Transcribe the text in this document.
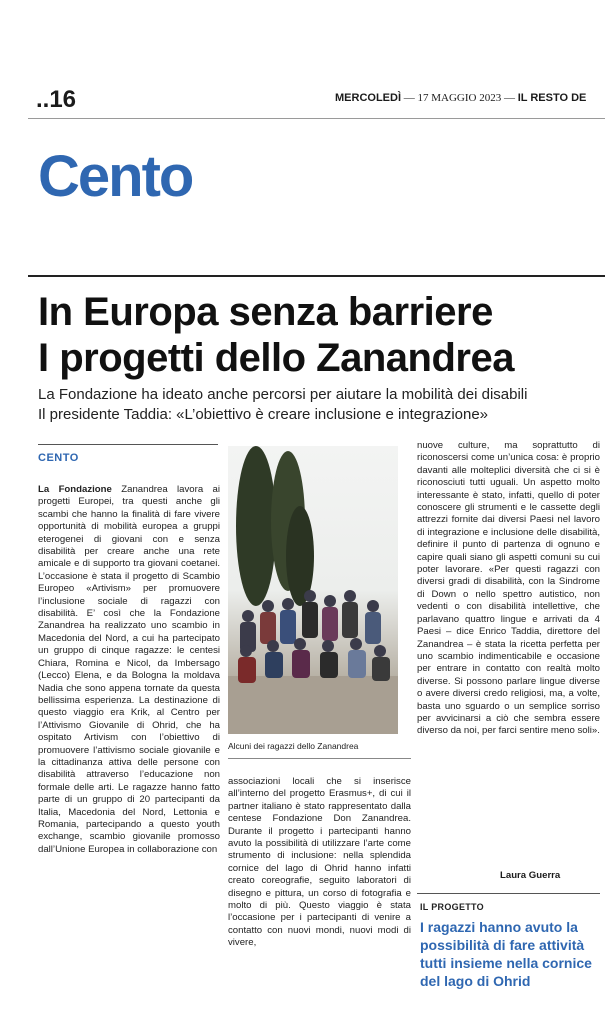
..16	MERCOLEDÌ — 17 MAGGIO 2023 — IL RESTO DE
Cento
In Europa senza barriere
I progetti dello Zanandrea
La Fondazione ha ideato anche percorsi per aiutare la mobilità dei disabili
Il presidente Taddia: «L’obiettivo è creare inclusione e integrazione»
CENTO

La Fondazione Zanandrea lavora ai progetti Europei, tra questi anche gli scambi che hanno la finalità di fare vivere opportunità di mobilità europea a gruppi eterogenei di giovani con e senza disabilità per creare anche una rete amicale e di supporto tra giovani coetanei. L’occasione è stata il progetto di Scambio Europeo «Artivism» per promuovere l’inclusione sociale di ragazzi con disabilità. E’ così che la Fondazione Zanandrea ha realizzato uno scambio in Macedonia del Nord, a cui ha partecipato un gruppo di cinque ragazze: le centesi Chiara, Romina e Nicol, da Imbersago (Lecco) Elena, e da Bologna la moldava Nadia che sono appena tornate da questa bellissima esperienza. La destinazione di questo viaggio era Krik, al Centro per l’Attivismo Giovanile di Ohrid, che ha ospitato Artivism con l’obiettivo di promuovere l’attivismo sociale giovanile e la cittadinanza attiva delle persone con disabilità attraverso l’educazione non formale delle arti. Le ragazze hanno fatto parte di un gruppo di 20 partecipanti da Italia, Macedonia del Nord, Lettonia e Romania, partecipando a questo youth exchange, scambio giovanile promosso dall’Unione Europea in collaborazione con

Alcuni dei ragazzi dello Zanandrea

associazioni locali che si inserisce all’interno del progetto Erasmus+, di cui il partner italiano è stato rappresentato dalla centese Fondazione Don Zanandrea. Durante il progetto i partecipanti hanno avuto la possibilità di utilizzare l’arte come strumento di inclusione: nella splendida cornice del lago di Ohrid hanno infatti creato coreografie, seguito laboratori di disegno e pittura, un corso di fotografia e molto di più. Questo viaggio è stata l’occasione per i partecipanti di venire a contatto con nuovi mondi, nuovi modi di vivere,

nuove culture, ma soprattutto di riconoscersi come un’unica cosa: è proprio davanti alle molteplici diversità che ci si è riconosciuti tutti uguali. Un aspetto molto interessante è stato, infatti, quello di poter conoscere gli strumenti e le cassette degli attrezzi fornite dai diversi Paesi nel lavoro di integrazione e inclusione delle disabilità, definire il punto di partenza di ognuno e capire quali siano gli aspetti comuni su cui poter lavorare. «Per questi ragazzi con diversi gradi di disabilità, con la Sindrome di Down o nello spettro autistico, non vedenti o con disabilità intellettive, che parlavano quattro lingue e arrivati da 4 Paesi – dice Enrico Taddia, direttore del Zanandrea – è stata la ricetta perfetta per uno scambio indimenticabile e occasione per entrare in contatto con realtà molto diverse. Si possono parlare lingue diverse o avere diversi credo religiosi, ma, a volte, basta uno sguardo o un semplice sorriso per avvicinarsi a ciò che sembra essere diverso da noi, per farci sentire meno soli».

Laura Guerra
IL PROGETTO
I ragazzi hanno avuto la possibilità di fare attività tutti insieme nella cornice del lago di Ohrid
